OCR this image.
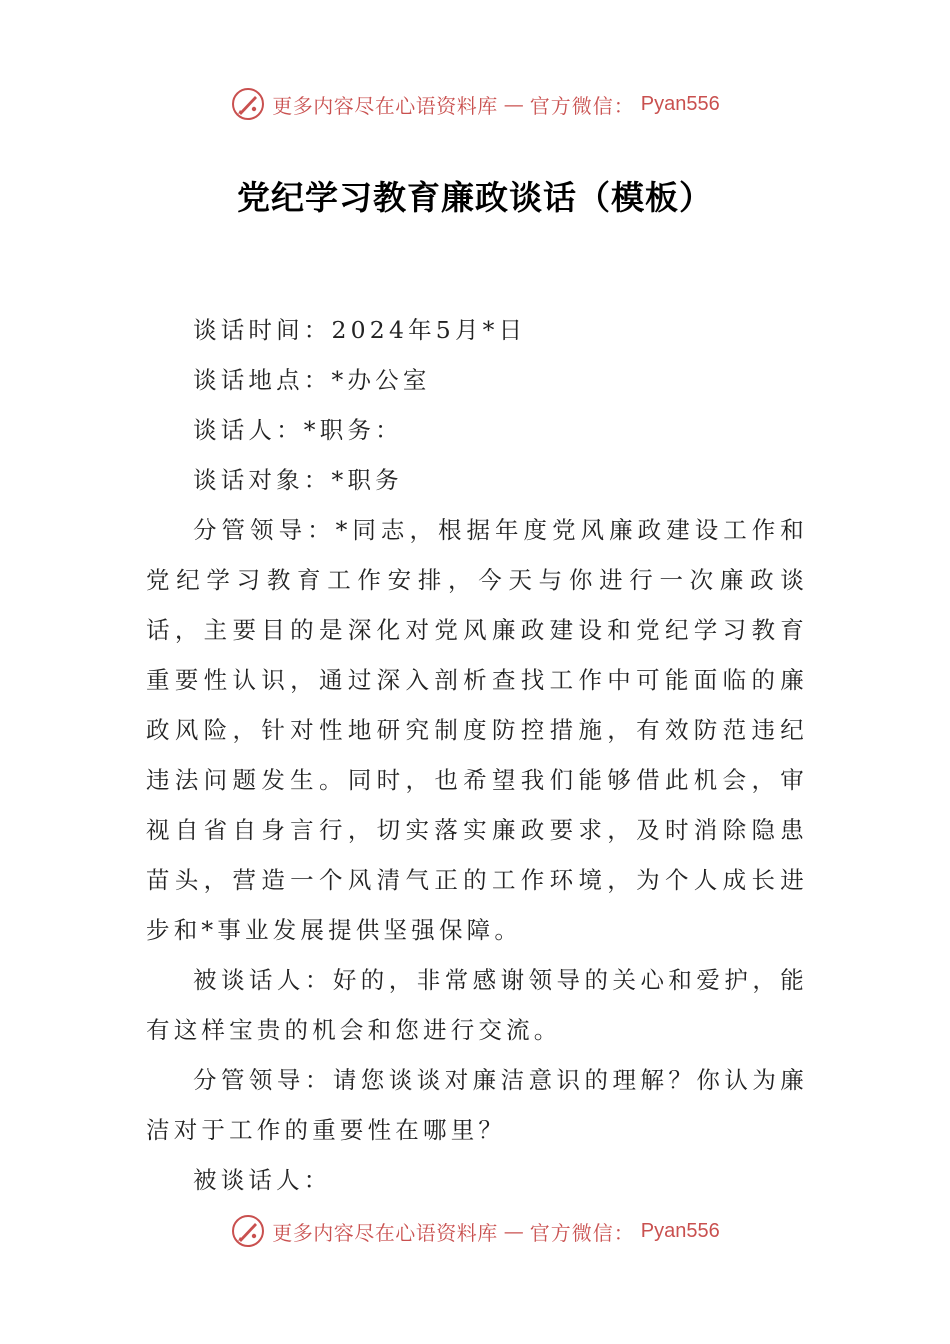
更多内容尽在心语资料库 — 官方微信： Pyan556
党纪学习教育廉政谈话（模板）

谈话时间：2024年5月*日

谈话地点：*办公室

谈话人：*职务：

谈话对象：*职务

分管领导：*同志，根据年度党风廉政建设工作和党纪学习教育工作安排，今天与你进行一次廉政谈话，主要目的是深化对党风廉政建设和党纪学习教育重要性认识，通过深入剖析查找工作中可能面临的廉政风险，针对性地研究制度防控措施，有效防范违纪违法问题发生。同时，也希望我们能够借此机会，审视自省自身言行，切实落实廉政要求，及时消除隐患苗头，营造一个风清气正的工作环境，为个人成长进步和*事业发展提供坚强保障。

被谈话人：好的，非常感谢领导的关心和爱护，能有这样宝贵的机会和您进行交流。

分管领导：请您谈谈对廉洁意识的理解？你认为廉洁对于工作的重要性在哪里？

被谈话人：

更多内容尽在心语资料库 — 官方微信： Pyan556
